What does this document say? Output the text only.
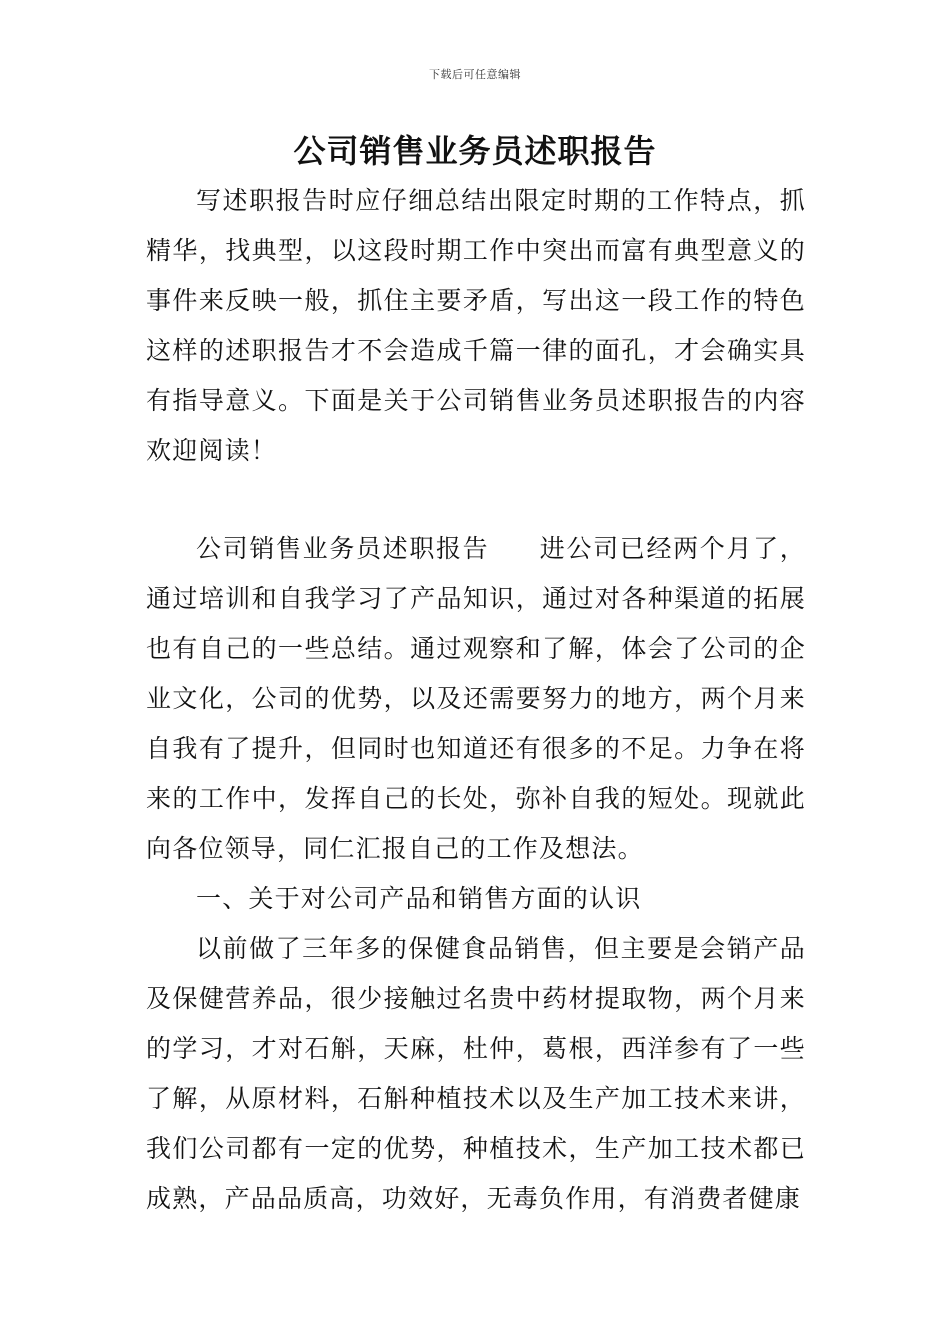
下载后可任意编辑
公司销售业务员述职报告

写述职报告时应仔细总结出限定时期的工作特点，抓精华，找典型，以这段时期工作中突出而富有典型意义的事件来反映一般，抓住主要矛盾，写出这一段工作的特色这样的述职报告才不会造成千篇一律的面孔，才会确实具有指导意义。下面是关于公司销售业务员述职报告的内容欢迎阅读！

公司销售业务员述职报告 进公司已经两个月了，通过培训和自我学习了产品知识，通过对各种渠道的拓展也有自己的一些总结。通过观察和了解，体会了公司的企业文化，公司的优势，以及还需要努力的地方，两个月来自我有了提升，但同时也知道还有很多的不足。力争在将来的工作中，发挥自己的长处，弥补自我的短处。现就此向各位领导，同仁汇报自己的工作及想法。

一、关于对公司产品和销售方面的认识

以前做了三年多的保健食品销售，但主要是会销产品及保健营养品，很少接触过名贵中药材提取物，两个月来的学习，才对石斛，天麻，杜仲，葛根，西洋参有了一些了解，从原材料，石斛种植技术以及生产加工技术来讲，我们公司都有一定的优势，种植技术，生产加工技术都已成熟，产品品质高，功效好，无毒负作用，有消费者健康
